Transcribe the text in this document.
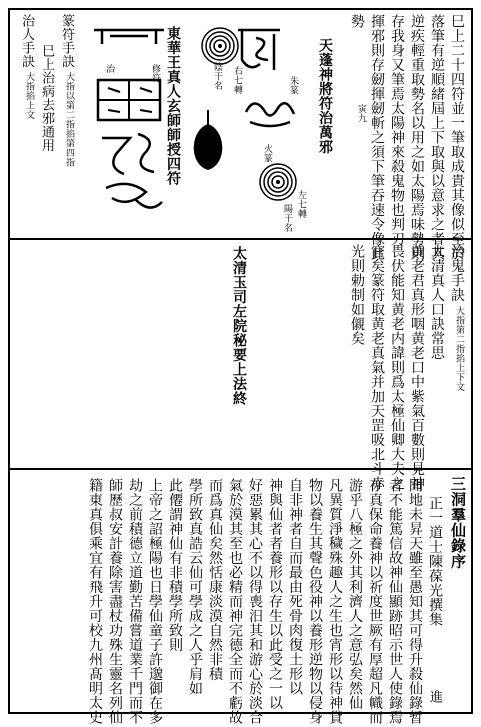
巳上二十四符並一筆取成貴其像似至於
落筆有逆順緒屆上下取與以意求之者其
逆疾輕重取勢名以用之如太陽焉味勢則
存我身又筆焉太陽神來殺鬼物也判刃
揮邪則存劒揮劒斬之須下筆吞速令像此
勢
寅九
天蓬神將符治萬邪
朱篆
火篆
右七轉
左七轉
陽干名
陰干名
東華王真人玄師師授四符
修符
治
篆符手訣
大指以第二指掐第四指
巳上治病去邪通用
治人手訣
大指掐上文
治鬼手訣
大指第二指掐上下文
太清真人口訣常思
黄老君真形咽黄老口中紫氣百數則見神
畏伏能知黄老内諱則爲太極仙卿大夫之
官矣篆符取黄老真氣并加天罡吸北斗赤
光則勅制如儭矣
太清玉司左院秘要上法終
三洞羣仙錄序
正一道士陳葆光撰集
進
聞地未昇天雖至愚知其可得升殺仙錄暂
者不能篤信故神仙顯跡昭示世人使錄焉
存真保命養神以祈度世厥有厚超凡幟而
游乎八極之外其利濟人之意弘矣然仙
凡異質淨穢殊趣人之生也宵形以待神貸
物以養生其聲色役神以養形逆物以侵身
自非神者自而最由死骨肉復土形以
神與仙者者養形以存生以此受之一以
好惡累其心不以得喪汨其和游心於淡合
氣於漠其至也必精而神完德全而不虧故
而爲真仙矣然恬康淡漠自然非積
學所致真誥云仙可學成之人乎肩如
此僊謂神仙有非積學所致則
上帝之詔極陽也日學仙童子許邈御在多
劫之前積德立道勤苦備嘗道業千門而不
師歷叔安計養除害盡杖功殊生靈名列仙
籍東真俱乘宜有飛升可校九州髙明太史
